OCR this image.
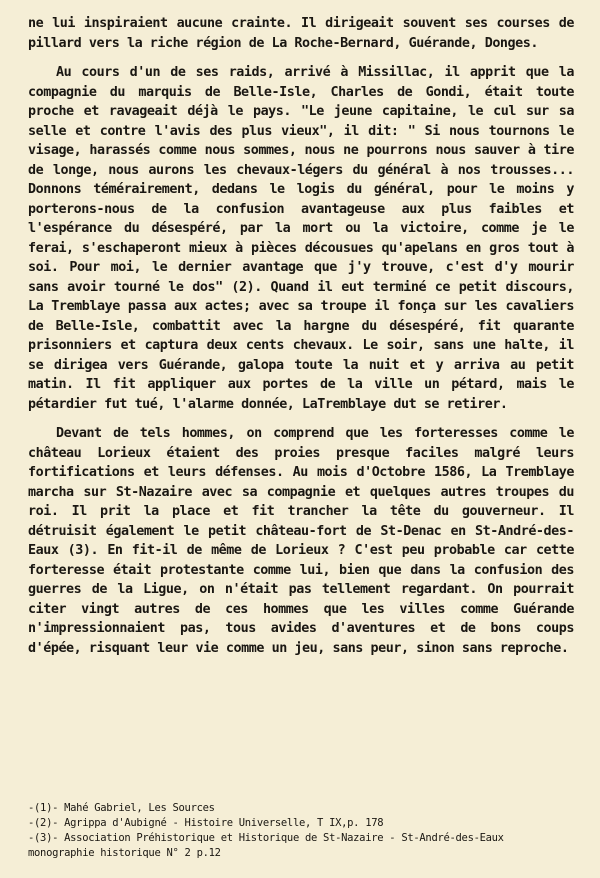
ne lui inspiraient aucune crainte. Il dirigeait souvent ses courses de pillard vers la riche région de La Roche-Bernard, Guérande, Donges.

Au cours d'un de ses raids, arrivé à Missillac, il apprit que la compagnie du marquis de Belle-Isle, Charles de Gondi, était toute proche et ravageait déjà le pays. "Le jeune capitaine, le cul sur sa selle et contre l'avis des plus vieux", il dit: " Si nous tournons le visage, harassés comme nous sommes, nous ne pourrons nous sauver à tire de longe, nous aurons les chevaux-légers du général à nos trousses... Donnons témérairement, dedans le logis du général, pour le moins y porterons-nous de la confusion avantageuse aux plus faibles et l'espérance du désespéré, par la mort ou la victoire, comme je le ferai, s'eschaperont mieux à pièces décousues qu'apelans en gros tout à soi. Pour moi, le dernier avantage que j'y trouve, c'est d'y mourir sans avoir tourné le dos" (2). Quand il eut terminé ce petit discours, La Tremblaye passa aux actes; avec sa troupe il fonça sur les cavaliers de Belle-Isle, combattit avec la hargne du désespéré, fit quarante prisonniers et captura deux cents chevaux. Le soir, sans une halte, il se dirigea vers Guérande, galopa toute la nuit et y arriva au petit matin. Il fit appliquer aux portes de la ville un pétard, mais le pétardier fut tué, l'alarme donnée, LaTremblaye dut se retirer.

Devant de tels hommes, on comprend que les forteresses comme le château Lorieux étaient des proies presque faciles malgré leurs fortifications et leurs défenses. Au mois d'Octobre 1586, La Tremblaye marcha sur St-Nazaire avec sa compagnie et quelques autres troupes du roi. Il prit la place et fit trancher la tête du gouverneur. Il détruisit également le petit château-fort de St-Denac en St-André-des-Eaux (3). En fit-il de même de Lorieux ? C'est peu probable car cette forteresse était protestante comme lui, bien que dans la confusion des guerres de la Ligue, on n'était pas tellement regardant. On pourrait citer vingt autres de ces hommes que les villes comme Guérande n'impressionnaient pas, tous avides d'aventures et de bons coups d'épée, risquant leur vie comme un jeu, sans peur, sinon sans reproche.

-(1)- Mahé Gabriel, Les Sources
-(2)- Agrippa d'Aubigné - Histoire Universelle, T IX,p. 178
-(3)- Association Préhistorique et Historique de St-Nazaire - St-André-des-Eaux
monographie historique N° 2 p.12
